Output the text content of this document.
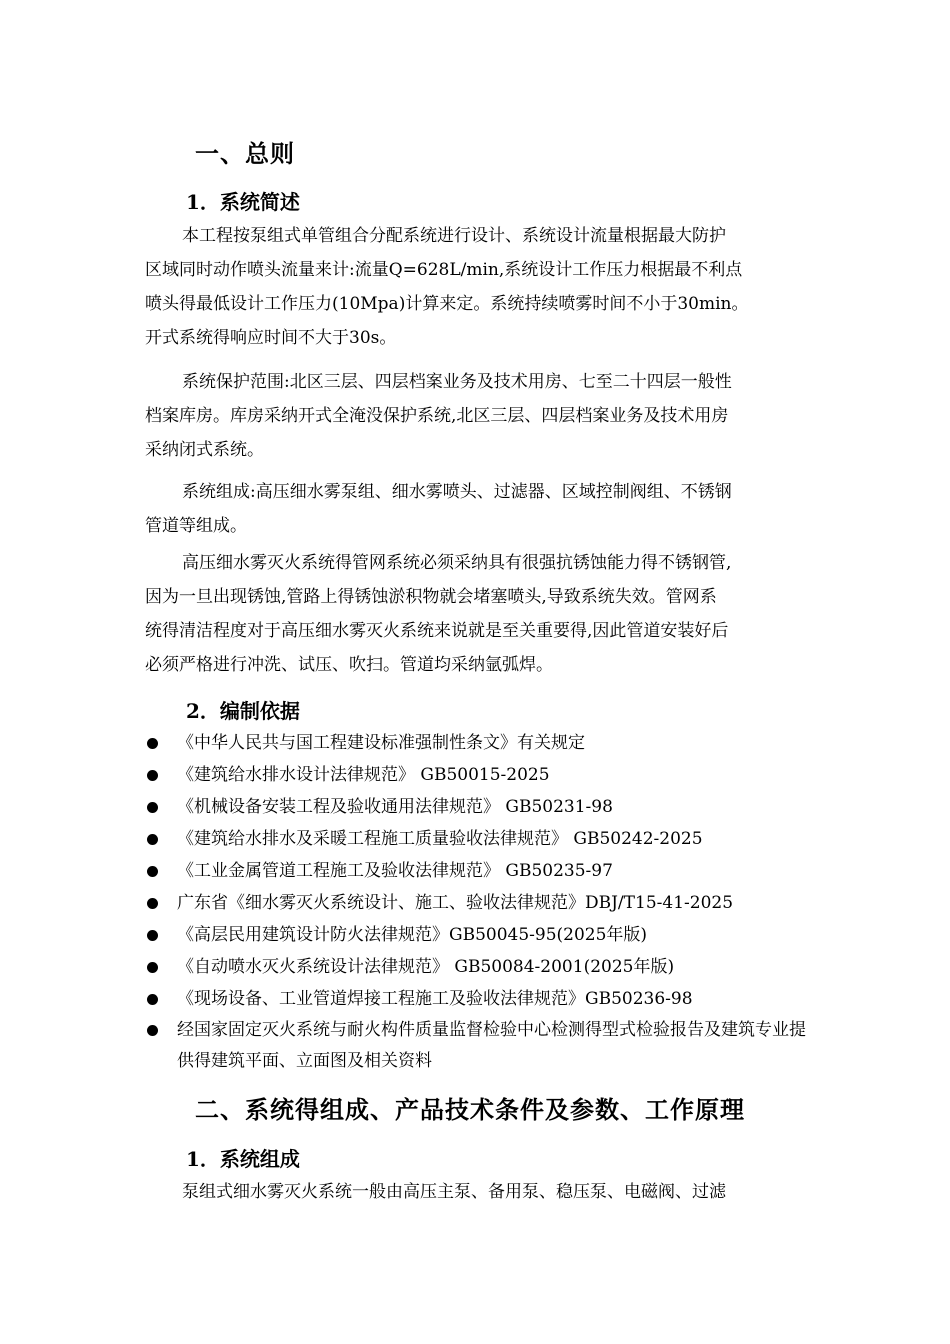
一、总则
1．系统简述
本工程按泵组式单管组合分配系统进行设计、系统设计流量根据最大防护
区域同时动作喷头流量来计:流量Q=628L/min,系统设计工作压力根据最不利点
喷头得最低设计工作压力(10Mpa)计算来定。系统持续喷雾时间不小于30min。
开式系统得响应时间不大于30s。
系统保护范围:北区三层、四层档案业务及技术用房、七至二十四层一般性
档案库房。库房采纳开式全淹没保护系统,北区三层、四层档案业务及技术用房
采纳闭式系统。
系统组成:高压细水雾泵组、细水雾喷头、过滤器、区域控制阀组、不锈钢
管道等组成。
高压细水雾灭火系统得管网系统必须采纳具有很强抗锈蚀能力得不锈钢管,
因为一旦出现锈蚀,管路上得锈蚀淤积物就会堵塞喷头,导致系统失效。管网系
统得清洁程度对于高压细水雾灭火系统来说就是至关重要得,因此管道安装好后
必须严格进行冲洗、试压、吹扫。管道均采纳氩弧焊。
2．编制依据
《中华人民共与国工程建设标准强制性条文》有关规定
《建筑给水排水设计法律规范》 GB50015-2025
《机械设备安装工程及验收通用法律规范》 GB50231-98
《建筑给水排水及采暖工程施工质量验收法律规范》 GB50242-2025
《工业金属管道工程施工及验收法律规范》 GB50235-97
广东省《细水雾灭火系统设计、施工、验收法律规范》DBJ/T15-41-2025
《高层民用建筑设计防火法律规范》GB50045-95(2025年版)
《自动喷水灭火系统设计法律规范》 GB50084-2001(2025年版)
《现场设备、工业管道焊接工程施工及验收法律规范》GB50236-98
经国家固定灭火系统与耐火构件质量监督检验中心检测得型式检验报告及建筑专业提供得建筑平面、立面图及相关资料
二、系统得组成、产品技术条件及参数、工作原理
1．系统组成
泵组式细水雾灭火系统一般由高压主泵、备用泵、稳压泵、电磁阀、过滤
